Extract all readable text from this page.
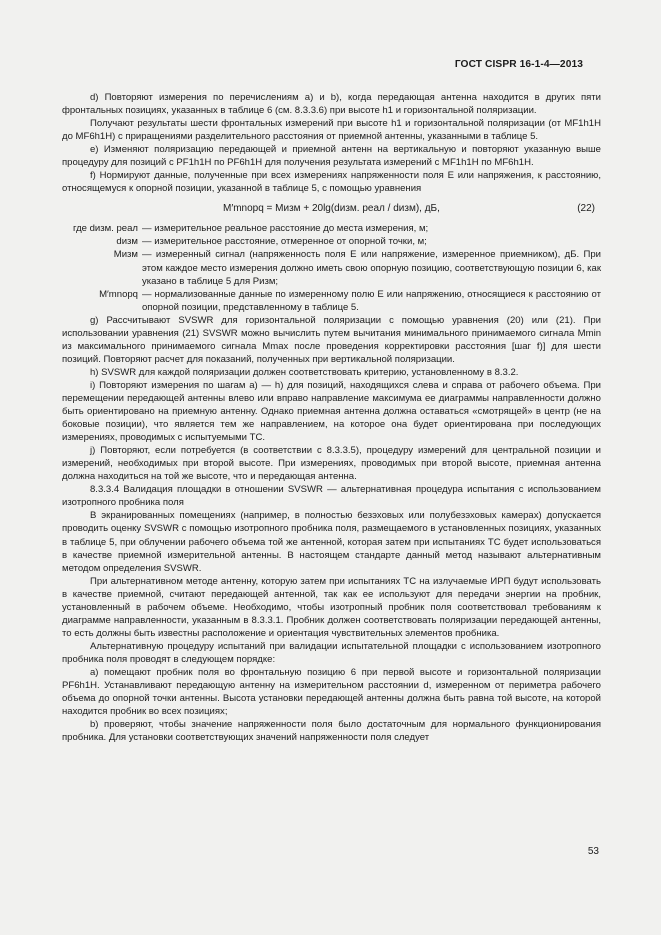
ГОСТ CISPR 16-1-4—2013

d) Повторяют измерения по перечислениям a) и b), когда передающая антенна находится в других пяти фронтальных позициях, указанных в таблице 6 (см. 8.3.3.6) при высоте h1 и горизонтальной поляризации.

Получают результаты шести фронтальных измерений при высоте h1 и горизонтальной поляризации (от MF1h1H до MF6h1H) с приращениями разделительного расстояния от приемной антенны, указанными в таблице 5.

e) Изменяют поляризацию передающей и приемной антенн на вертикальную и повторяют указанную выше процедуру для позиций с PF1h1H по PF6h1H для получения результата измерений с MF1h1H по MF6h1H.

f) Нормируют данные, полученные при всех измерениях напряженности поля E или напряжения, к расстоянию, относящемуся к опорной позиции, указанной в таблице 5, с помощью уравнения

M′mnopq = Mизм + 20lg(dизм. реал / dизм), дБ,	(22)
где dизм. реал — измерительное реальное расстояние до места измерения, м;
dизм — измерительное расстояние, отмеренное от опорной точки, м;
Mизм — измеренный сигнал (напряженность поля E или напряжение, измеренное приемником), дБ. При этом каждое место измерения должно иметь свою опорную позицию, соответствующую позиции 6, как указано в таблице 5 для Pизм;
M′mnopq — нормализованные данные по измеренному полю E или напряжению, относящиеся к расстоянию от опорной позиции, представленному в таблице 5.

g) Рассчитывают SVSWR для горизонтальной поляризации с помощью уравнения (20) или (21). При использовании уравнения (21) SVSWR можно вычислить путем вычитания минимального принимаемого сигнала Mmin из максимального принимаемого сигнала Mmax после проведения корректировки расстояния [шаг f)] для шести позиций. Повторяют расчет для показаний, полученных при вертикальной поляризации.

h) SVSWR для каждой поляризации должен соответствовать критерию, установленному в 8.3.2.

i) Повторяют измерения по шагам a) — h) для позиций, находящихся слева и справа от рабочего объема. При перемещении передающей антенны влево или вправо направление максимума ее диаграммы направленности должно быть ориентировано на приемную антенну. Однако приемная антенна должна оставаться «смотрящей» в центр (не на боковые позиции), что является тем же направлением, на которое она будет ориентирована при последующих измерениях, проводимых с испытуемыми ТС.

j) Повторяют, если потребуется (в соответствии с 8.3.3.5), процедуру измерений для центральной позиции и измерений, необходимых при второй высоте. При измерениях, проводимых при второй высоте, приемная антенна должна находиться на той же высоте, что и передающая антенна.

8.3.3.4 Валидация площадки в отношении SVSWR — альтернативная процедура испытания с использованием изотропного пробника поля

В экранированных помещениях (например, в полностью безэховых или полубезэховых камерах) допускается проводить оценку SVSWR с помощью изотропного пробника поля, размещаемого в установленных позициях, указанных в таблице 5, при облучении рабочего объема той же антенной, которая затем при испытаниях ТС будет использоваться в качестве приемной измерительной антенны. В настоящем стандарте данный метод называют альтернативным методом определения SVSWR.

При альтернативном методе антенну, которую затем при испытаниях ТС на излучаемые ИРП будут использовать в качестве приемной, считают передающей антенной, так как ее используют для передачи энергии на пробник, установленный в рабочем объеме. Необходимо, чтобы изотропный пробник поля соответствовал требованиям к диаграмме направленности, указанным в 8.3.3.1. Пробник должен соответствовать поляризации передающей антенны, то есть должны быть известны расположение и ориентация чувствительных элементов пробника.

Альтернативную процедуру испытаний при валидации испытательной площадки с использованием изотропного пробника поля проводят в следующем порядке:

a) помещают пробник поля во фронтальную позицию 6 при первой высоте и горизонтальной поляризации PF6h1H. Устанавливают передающую антенну на измерительном расстоянии d, измеренном от периметра рабочего объема до опорной точки антенны. Высота установки передающей антенны должна быть равна той высоте, на которой находится пробник во всех позициях;

b) проверяют, чтобы значение напряженности поля было достаточным для нормального функционирования пробника. Для установки соответствующих значений напряженности поля следует

53
